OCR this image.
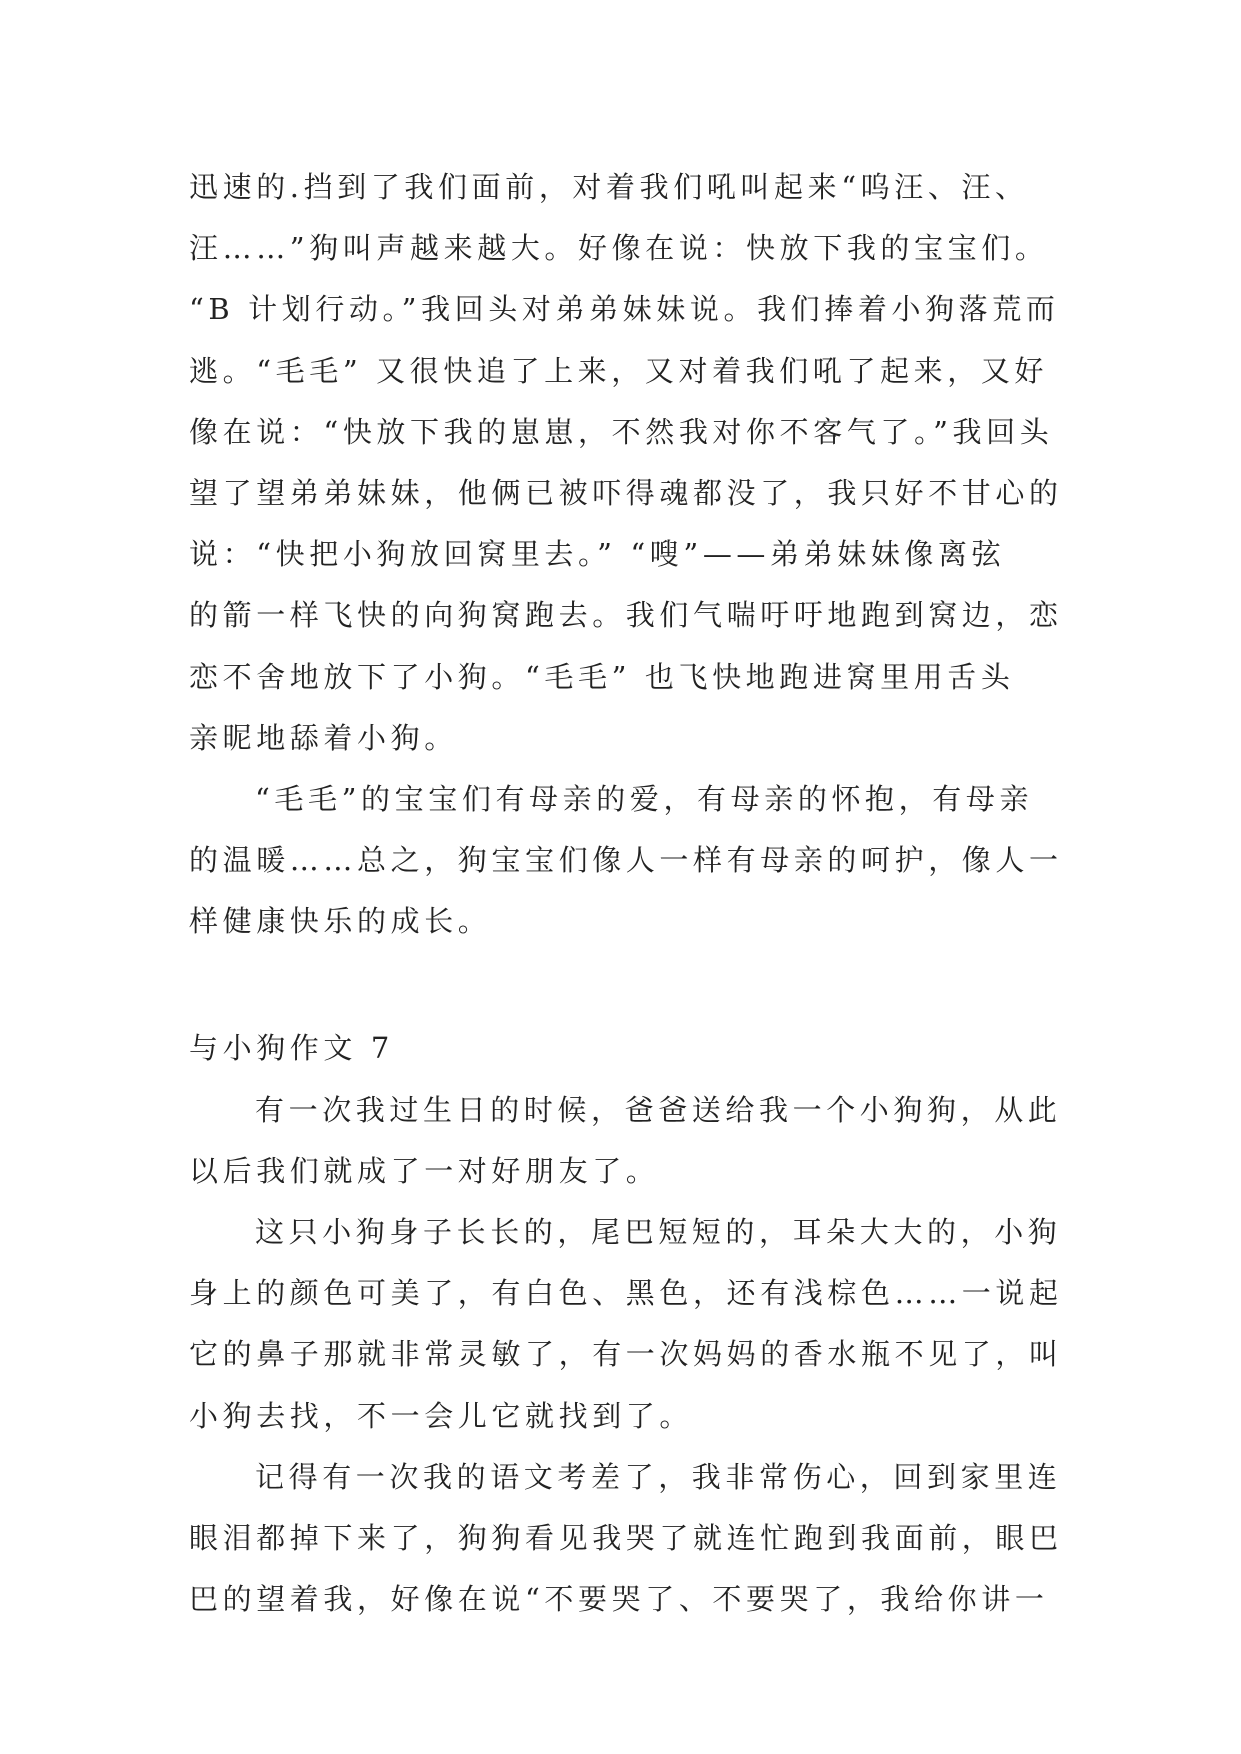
迅速的.挡到了我们面前，对着我们吼叫起来“呜汪、汪、
汪……”狗叫声越来越大。好像在说：快放下我的宝宝们。
“B 计划行动。”我回头对弟弟妹妹说。我们捧着小狗落荒而
逃。“毛毛” 又很快追了上来，又对着我们吼了起来，又好
像在说：“快放下我的崽崽，不然我对你不客气了。”我回头
望了望弟弟妹妹，他俩已被吓得魂都没了，我只好不甘心的
说：“快把小狗放回窝里去。” “嗖”——弟弟妹妹像离弦
的箭一样飞快的向狗窝跑去。我们气喘吁吁地跑到窝边，恋
恋不舍地放下了小狗。“毛毛” 也飞快地跑进窝里用舌头
亲昵地舔着小狗。
“毛毛”的宝宝们有母亲的爱，有母亲的怀抱，有母亲
的温暖……总之，狗宝宝们像人一样有母亲的呵护，像人一
样健康快乐的成长。
与小狗作文 7
有一次我过生日的时候，爸爸送给我一个小狗狗，从此
以后我们就成了一对好朋友了。
这只小狗身子长长的，尾巴短短的，耳朵大大的，小狗
身上的颜色可美了，有白色、黑色，还有浅棕色……一说起
它的鼻子那就非常灵敏了，有一次妈妈的香水瓶不见了，叫
小狗去找，不一会儿它就找到了。
记得有一次我的语文考差了，我非常伤心，回到家里连
眼泪都掉下来了，狗狗看见我哭了就连忙跑到我面前，眼巴
巴的望着我，好像在说“不要哭了、不要哭了，我给你讲一
